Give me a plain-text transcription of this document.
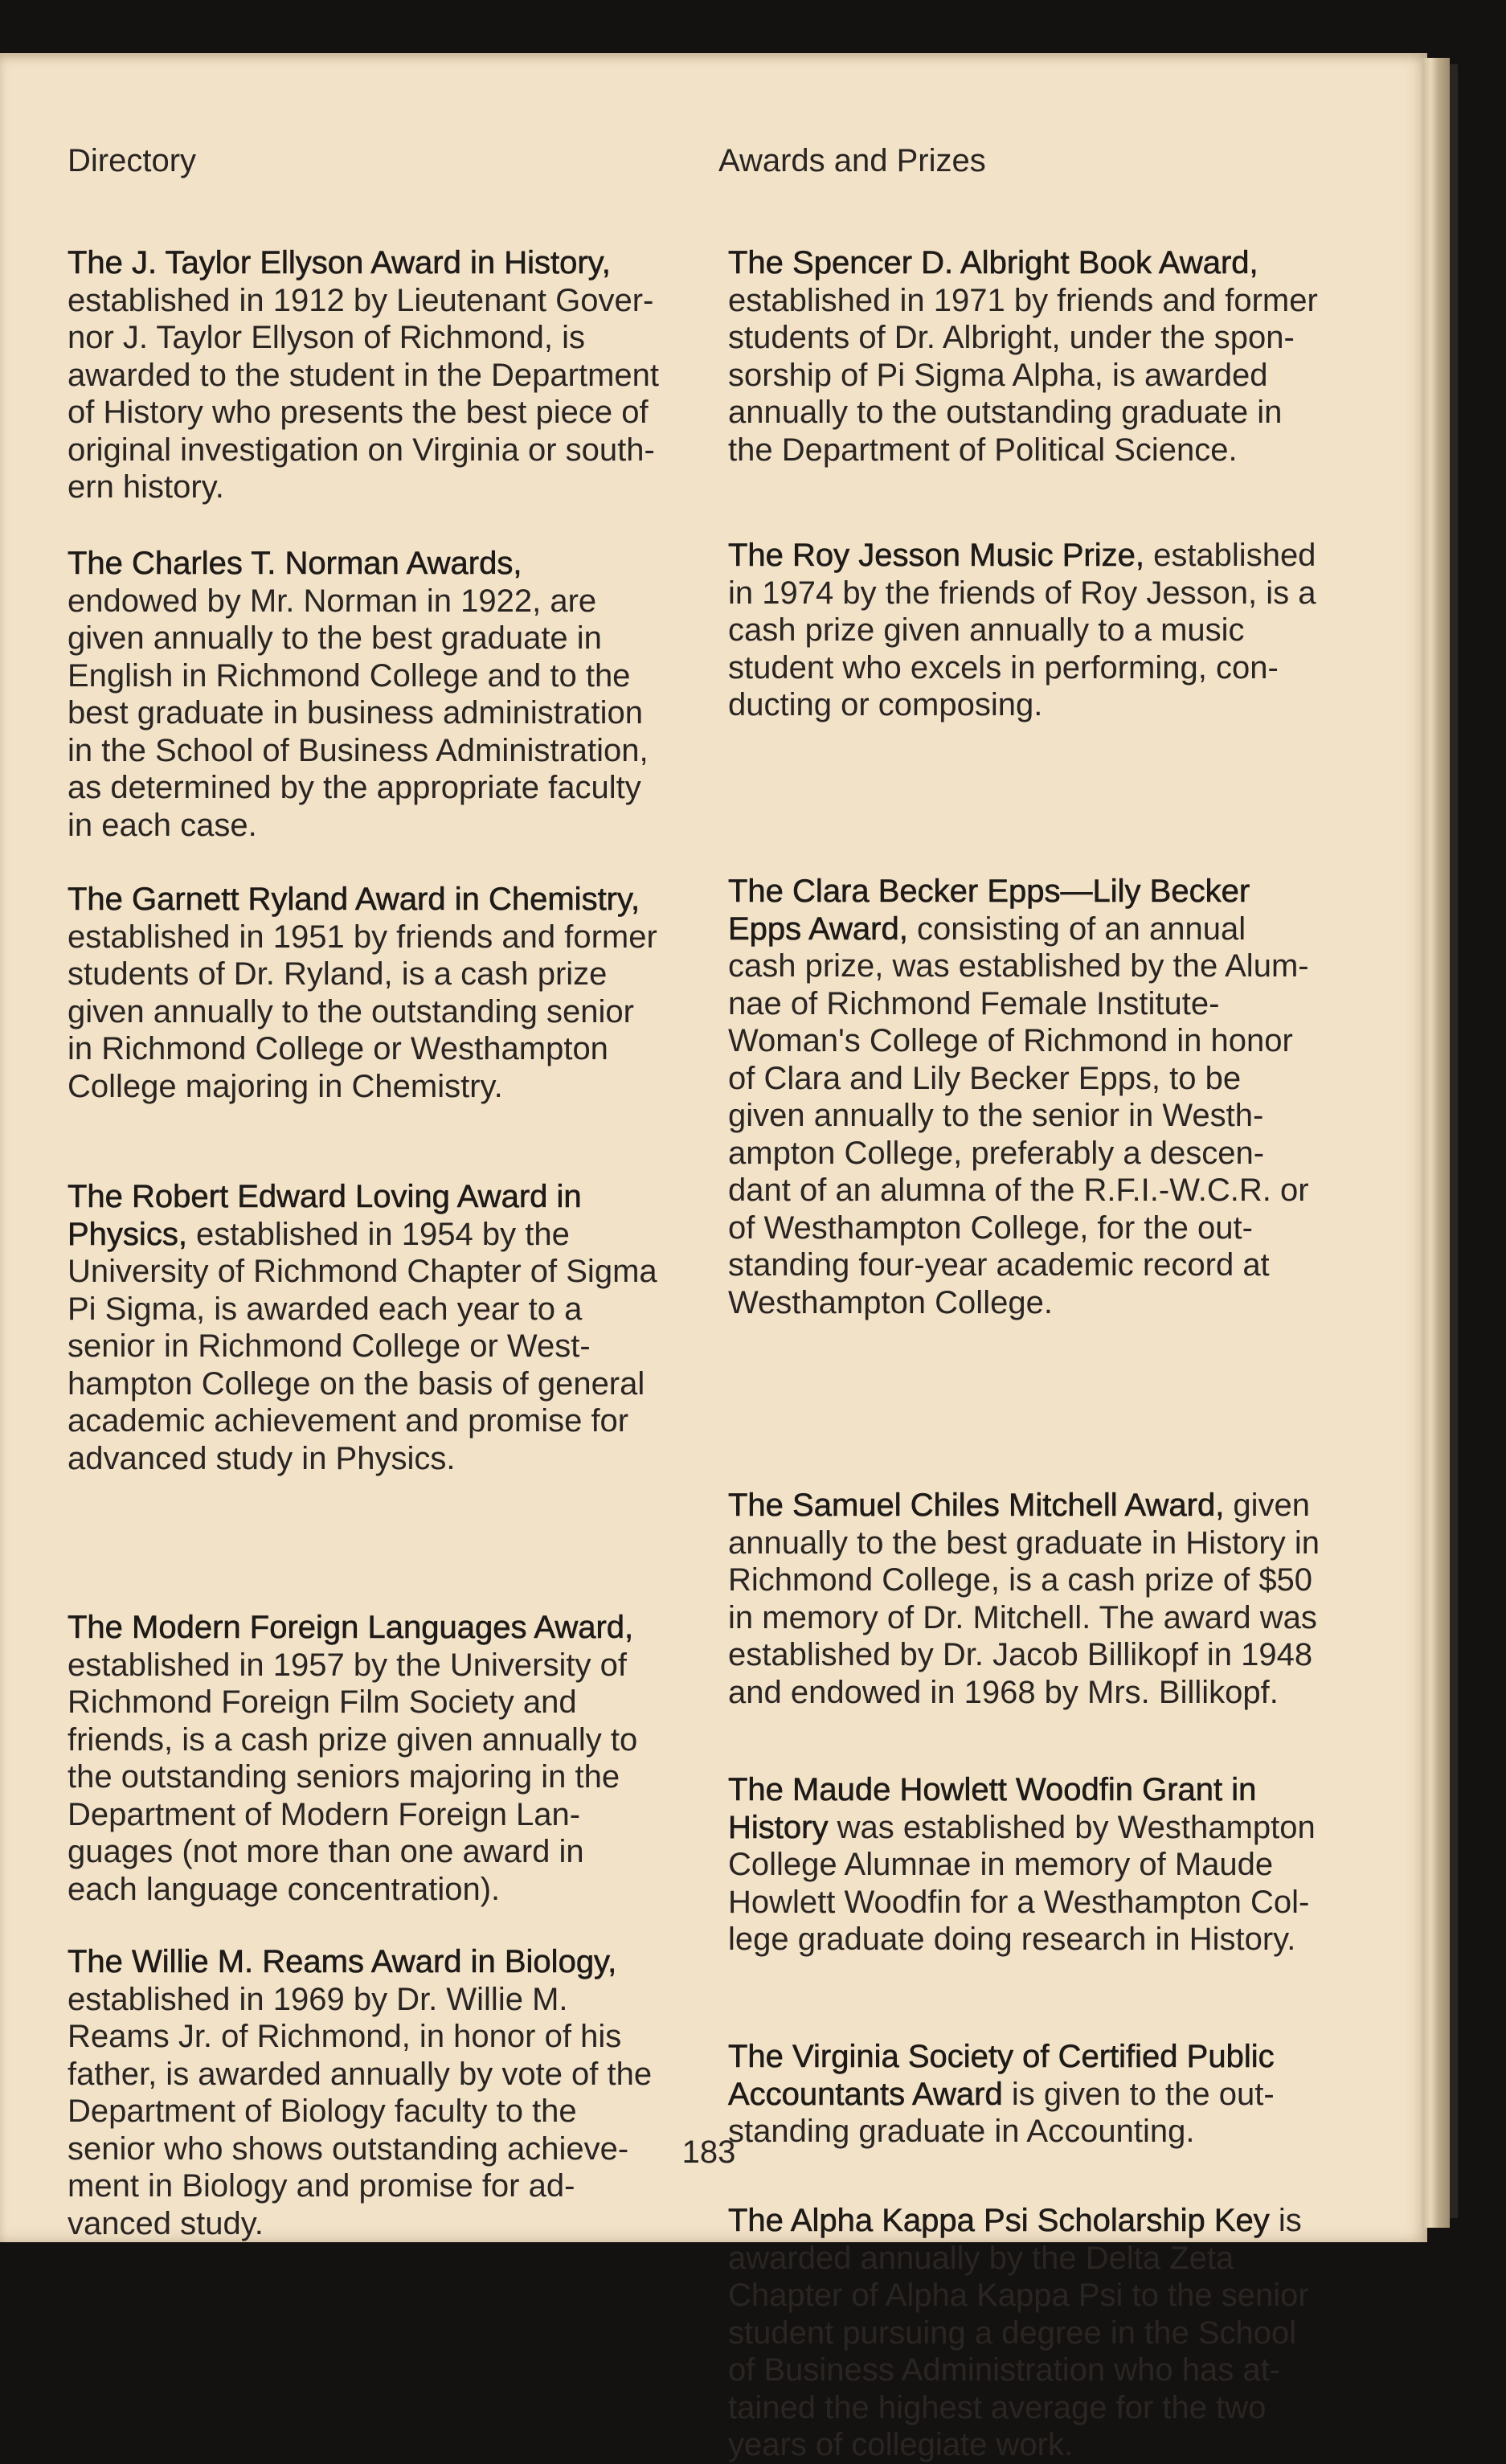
Directory	Awards and Prizes
The J. Taylor Ellyson Award in History,
established in 1912 by Lieutenant Gover-
nor J. Taylor Ellyson of Richmond, is
awarded to the student in the Department
of History who presents the best piece of
original investigation on Virginia or south-
ern history.
The Charles T. Norman Awards,
endowed by Mr. Norman in 1922, are
given annually to the best graduate in
English in Richmond College and to the
best graduate in business administration
in the School of Business Administration,
as determined by the appropriate faculty
in each case.
The Garnett Ryland Award in Chemistry,
established in 1951 by friends and former
students of Dr. Ryland, is a cash prize
given annually to the outstanding senior
in Richmond College or Westhampton
College majoring in Chemistry.
The Robert Edward Loving Award in
Physics, established in 1954 by the
University of Richmond Chapter of Sigma
Pi Sigma, is awarded each year to a
senior in Richmond College or West-
hampton College on the basis of general
academic achievement and promise for
advanced study in Physics.
The Modern Foreign Languages Award,
established in 1957 by the University of
Richmond Foreign Film Society and
friends, is a cash prize given annually to
the outstanding seniors majoring in the
Department of Modern Foreign Lan-
guages (not more than one award in
each language concentration).
The Willie M. Reams Award in Biology,
established in 1969 by Dr. Willie M.
Reams Jr. of Richmond, in honor of his
father, is awarded annually by vote of the
Department of Biology faculty to the
senior who shows outstanding achieve-
ment in Biology and promise for ad-
vanced study.
The Spencer D. Albright Book Award,
established in 1971 by friends and former
students of Dr. Albright, under the spon-
sorship of Pi Sigma Alpha, is awarded
annually to the outstanding graduate in
the Department of Political Science.
The Roy Jesson Music Prize, established
in 1974 by the friends of Roy Jesson, is a
cash prize given annually to a music
student who excels in performing, con-
ducting or composing.
The Clara Becker Epps—Lily Becker
Epps Award, consisting of an annual
cash prize, was established by the Alum-
nae of Richmond Female Institute-
Woman's College of Richmond in honor
of Clara and Lily Becker Epps, to be
given annually to the senior in Westh-
ampton College, preferably a descen-
dant of an alumna of the R.F.I.-W.C.R. or
of Westhampton College, for the out-
standing four-year academic record at
Westhampton College.
The Samuel Chiles Mitchell Award, given
annually to the best graduate in History in
Richmond College, is a cash prize of $50
in memory of Dr. Mitchell. The award was
established by Dr. Jacob Billikopf in 1948
and endowed in 1968 by Mrs. Billikopf.
The Maude Howlett Woodfin Grant in
History was established by Westhampton
College Alumnae in memory of Maude
Howlett Woodfin for a Westhampton Col-
lege graduate doing research in History.
The Virginia Society of Certified Public
Accountants Award is given to the out-
standing graduate in Accounting.
The Alpha Kappa Psi Scholarship Key is
awarded annually by the Delta Zeta
Chapter of Alpha Kappa Psi to the senior
student pursuing a degree in the School
of Business Administration who has at-
tained the highest average for the two
years of collegiate work.
183
